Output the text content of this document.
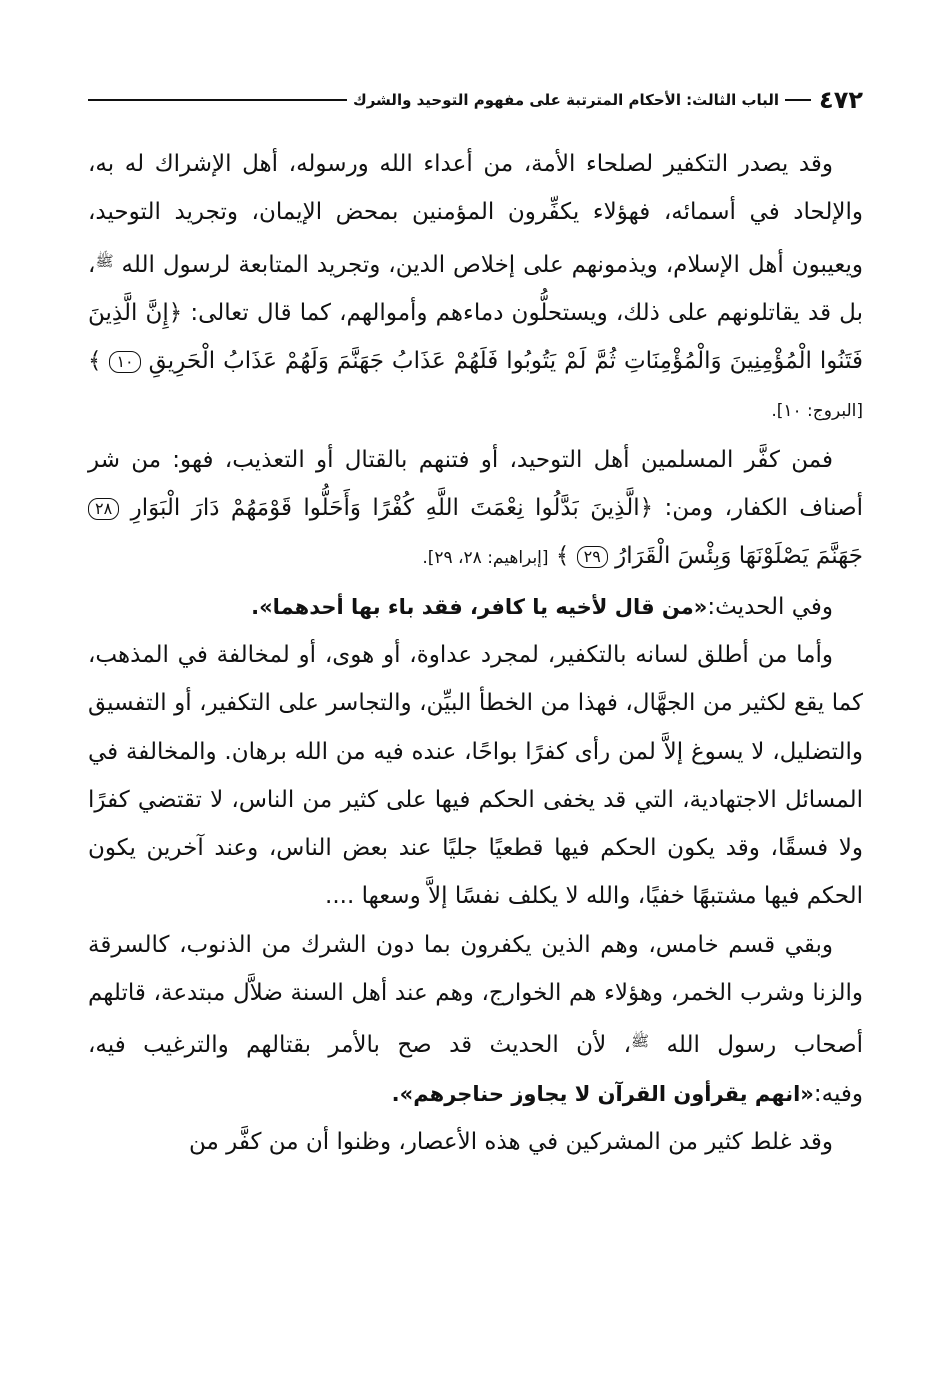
٤٧٢
الباب الثالث: الأحكام المترتبة على مفهوم التوحيد والشرك

وقد يصدر التكفير لصلحاء الأمة، من أعداء الله ورسوله، أهل الإشراك له به، والإلحاد في أسمائه، فهؤلاء يكفِّرون المؤمنين بمحض الإيمان، وتجريد التوحيد، ويعيبون أهل الإسلام، ويذمونهم على إخلاص الدين، وتجريد المتابعة لرسول الله $^ﷺ$، بل قد يقاتلونهم على ذلك، ويستحلُّون دماءهم وأموالهم، كما قال تعالى: ﴿إِنَّ الَّذِينَ فَتَنُوا الْمُؤْمِنِينَ وَالْمُؤْمِنَاتِ ثُمَّ لَمْ يَتُوبُوا فَلَهُمْ عَذَابُ جَهَنَّمَ وَلَهُمْ عَذَابُ الْحَرِيقِ ١٠ ﴾ [البروج: ١٠].

فمن كفَّر المسلمين أهل التوحيد، أو فتنهم بالقتال أو التعذيب، فهو: من شر أصناف الكفار، ومن: ﴿الَّذِينَ بَدَّلُوا نِعْمَتَ اللَّهِ كُفْرًا وَأَحَلُّوا قَوْمَهُمْ دَارَ الْبَوَارِ ٢٨ جَهَنَّمَ يَصْلَوْنَهَا وَبِئْسَ الْقَرَارُ ٢٩ ﴾ [إبراهيم: ٢٨، ٢٩].

وفي الحديث:«من قال لأخيه يا كافر، فقد باء بها أحدهما».

وأما من أطلق لسانه بالتكفير، لمجرد عداوة، أو هوى، أو لمخالفة في المذهب، كما يقع لكثير من الجهَّال، فهذا من الخطأ البيِّن، والتجاسر على التكفير، أو التفسيق والتضليل، لا يسوغ إلاَّ لمن رأى كفرًا بواحًا، عنده فيه من الله برهان. والمخالفة في المسائل الاجتهادية، التي قد يخفى الحكم فيها على كثير من الناس، لا تقتضي كفرًا ولا فسقًا، وقد يكون الحكم فيها قطعيًا جليًا عند بعض الناس، وعند آخرين يكون الحكم فيها مشتبهًا خفيًا، والله لا يكلف نفسًا إلاَّ وسعها ....

وبقي قسم خامس، وهم الذين يكفرون بما دون الشرك من الذنوب، كالسرقة والزنا وشرب الخمر، وهؤلاء هم الخوارج، وهم عند أهل السنة ضلاَّل مبتدعة، قاتلهم أصحاب رسول الله $^ﷺ$، لأن الحديث قد صح بالأمر بقتالهم والترغيب فيه، وفيه:«انهم يقرأون القرآن لا يجاوز حناجرهم».

وقد غلط كثير من المشركين في هذه الأعصار، وظنوا أن من كفَّر من
